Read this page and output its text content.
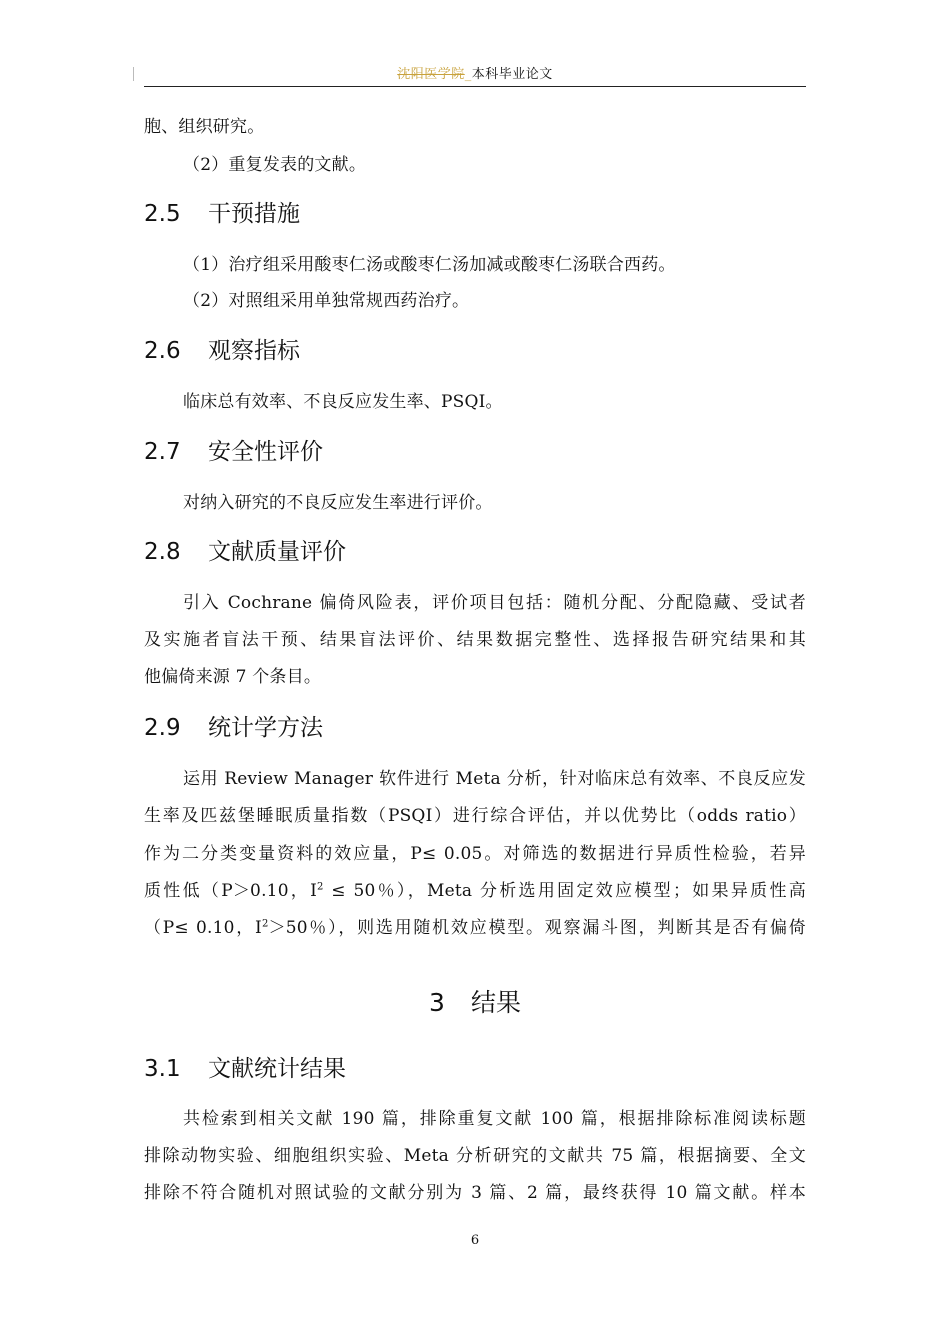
沈阳医学院_本科毕业论文
胞、组织研究。
（2）重复发表的文献。
2.5 干预措施
（1）治疗组采用酸枣仁汤或酸枣仁汤加减或酸枣仁汤联合西药。
（2）对照组采用单独常规西药治疗。
2.6 观察指标
临床总有效率、不良反应发生率、PSQI。
2.7 安全性评价
对纳入研究的不良反应发生率进行评价。
2.8 文献质量评价
引入 Cochrane 偏倚风险表，评价项目包括：随机分配、分配隐藏、受试者
及实施者盲法干预、结果盲法评价、结果数据完整性、选择报告研究结果和其
他偏倚来源 7 个条目。
2.9 统计学方法
运用 Review Manager 软件进行 Meta 分析，针对临床总有效率、不良反应发
生率及匹兹堡睡眠质量指数（PSQI）进行综合评估，并以优势比（odds ratio）
作为二分类变量资料的效应量，P≤ 0.05。对筛选的数据进行异质性检验，若异
质性低（P＞0.10，$I^2 \le 50$％），Meta 分析选用固定效应模型；如果异质性高
（P≤ 0.10，$I^2>50$％），则选用随机效应模型。观察漏斗图，判断其是否有偏倚
3 结果
3.1 文献统计结果
共检索到相关文献 190 篇，排除重复文献 100 篇，根据排除标准阅读标题
排除动物实验、细胞组织实验、Meta 分析研究的文献共 75 篇，根据摘要、全文
排除不符合随机对照试验的文献分别为 3 篇、2 篇，最终获得 10 篇文献。样本
6
